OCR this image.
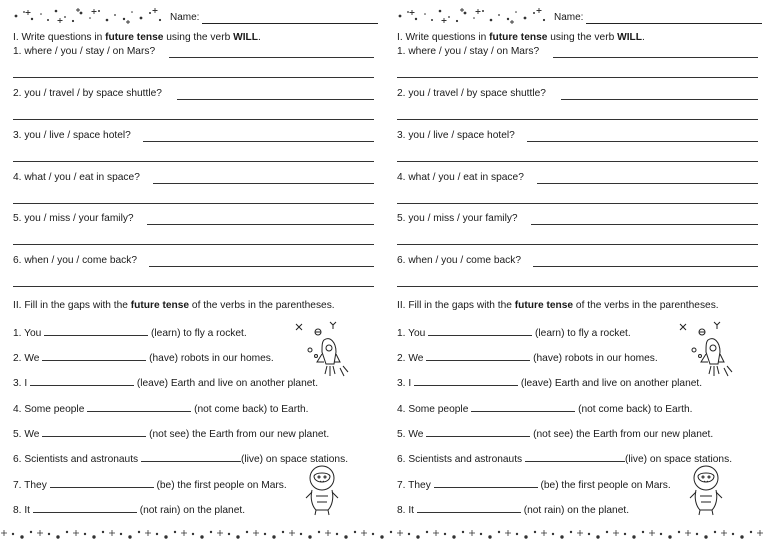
Name:
I. Write questions in future tense using the verb WILL.
1. where / you / stay / on Mars?
2. you / travel / by space shuttle?
3. you / live / space hotel?
4. what / you / eat in space?
5. you / miss / your family?
6. when / you / come back?
II. Fill in the gaps with the future tense of the verbs in the parentheses.
1. You	(learn) to fly a rocket.
2. We	(have) robots in our homes.
3. I	(leave) Earth and live on another planet.
4. Some people	(not come back) to Earth.
5. We	(not see) the Earth from our new planet.
6. Scientists and astronauts	(live) on space stations.
7. They	(be) the first people on Mars.
8. It	(not rain) on the planet.
Name:
I. Write questions in future tense using the verb WILL.
1. where / you / stay / on Mars?
2. you / travel / by space shuttle?
3. you / live / space hotel?
4. what / you / eat in space?
5. you / miss / your family?
6. when / you / come back?
II. Fill in the gaps with the future tense of the verbs in the parentheses.
1. You	(learn) to fly a rocket.
2. We	(have) robots in our homes.
3. I	(leave) Earth and live on another planet.
4. Some people	(not come back) to Earth.
5. We	(not see) the Earth from our new planet.
6. Scientists and astronauts	(live) on space stations.
7. They	(be) the first people on Mars.
8. It	(not rain) on the planet.
